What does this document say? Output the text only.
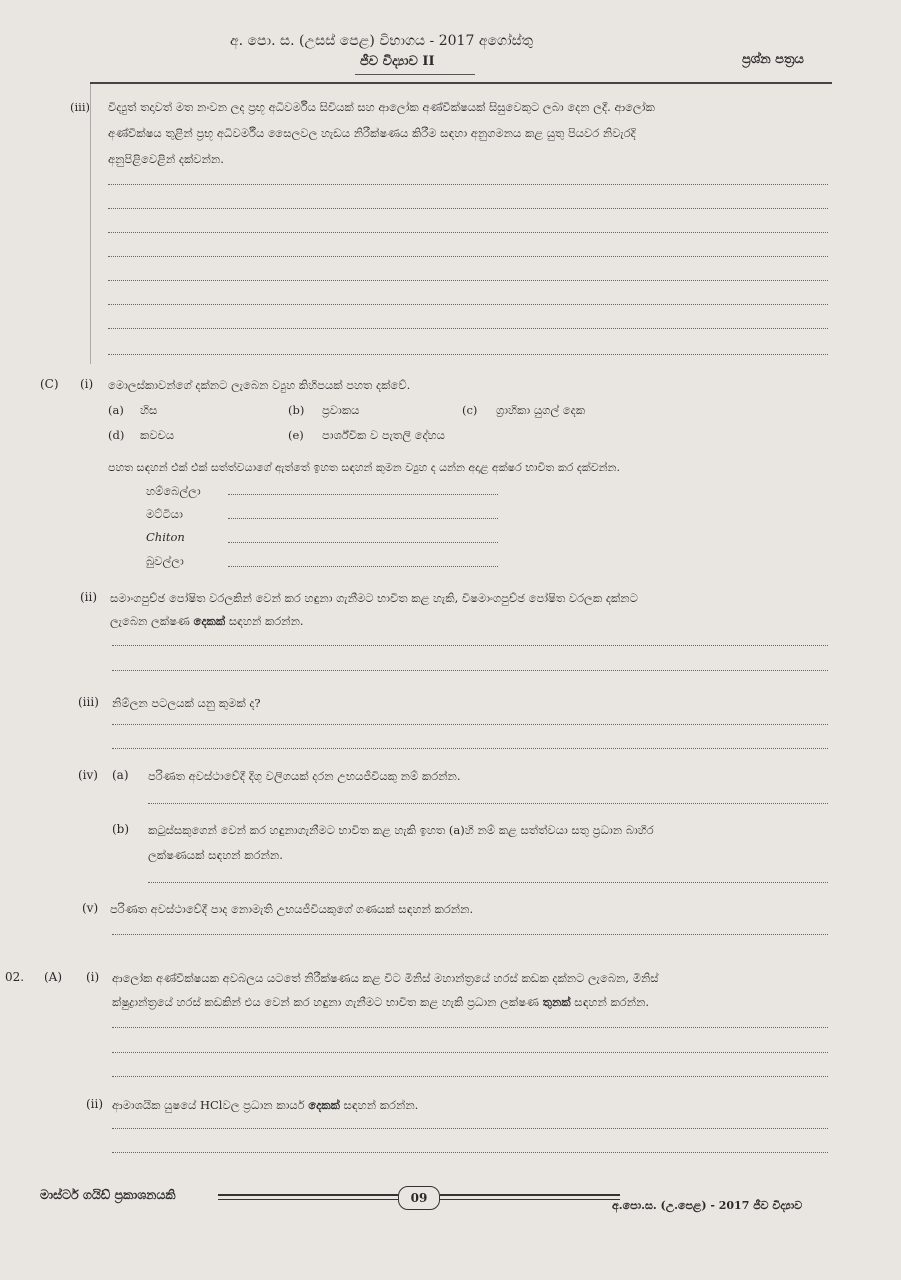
අ. පො. ස. (උසස් පෙළ) විභාගය - 2017 අගෝස්තු
ජීව විද්‍යාව II	ප්‍රශ්න පත්‍රය
(iii) විද්‍යුත් තදාවත් මත නංවන ලද ප්‍රභූ අධිවර්මීය සිවියක් සහ ආලෝක අණ්වීක්ෂයක් සිසුවෙකුට ලබා දෙන ලදී. ආලෝක
අණ්වීක්ෂය තුළින් ප්‍රභූ අධිවර්මීය සෛලවල හැඩය නිරීක්ෂණය කිරීම සඳහා අනුගමනය කළ යුතු පියවර නිවැරදි
අනුපිළිවෙළින් දක්වන්න.
(C) (i) මොලස්කාවන්ගේ දක්නට ලැබෙන ව්‍යුහ කිහිපයක් පහත දක්වේ.
(a) හිස	(b) ප්‍රවාකය	(c) ග්‍රාහිකා යුගල් දෙක
(d) කවචය	(e) පාර්ශ්වික ව පැතලි දේහය
පහත සඳහන් එක් එක් සත්ත්වයාගේ ඇත්තේ ඉහත සඳහන් කුමන ව්‍යුහ ද යන්න අදාළ අක්ෂර භාවිත කර දක්වන්න.
හම්බෙල්ලා
මට්ටියා
Chiton
බුවල්ලා
(ii) සමාංගපුච්ඡ පෝෂිත වරලකින් වෙන් කර හඳුනා ගැනීමට භාවිත කළ හැකි, විෂමාංගපුච්ඡ පෝෂිත වරලක දක්නට
ලැබෙන ලක්ෂණ දෙකක් සඳහන් කරන්න.
(iii) නිම්ලන පටලයක් යනු කුමක් ද?
(iv) (a) පරිණත අවස්ථාවේදී දිගු වලිගයක් දරන උභයජීවියකු නම් කරන්න.
(b) කටුස්සකුගෙන් වෙන් කර හඳුනාගැනීමට භාවිත කළ හැකි ඉහත (a)හි නම් කළ සත්ත්වයා සතු ප්‍රධාන බාහිර
ලක්ෂණයක් සඳහන් කරන්න.
(v) පරිණත අවස්ථාවේදී පාද නොමැති උභයජීවියකුගේ ගණයක් සඳහන් කරන්න.
02. (A) (i) ආලෝක අණ්වීක්ෂයක අවබලය යටතේ නිරීක්ෂණය කළ විට මිනිස් මහාන්ත්‍රයේ හරස් කඩක දක්නට ලැබෙන, මිනිස්
ක්ෂුද්‍රාන්ත්‍රයේ හරස් කඩකින් එය වෙන් කර හඳුනා ගැනීමට භාවිත කළ හැකි ප්‍රධාන ලක්ෂණ තුනක් සඳහන් කරන්න.
(ii) ආමාශයික යුෂයේ HClවල ප්‍රධාන කාර්ය දෙකක් සඳහන් කරන්න.
මාස්ටර් ගයිඩ් ප්‍රකාශනයකි	09
අ.පො.ස. (උ.පෙළ) - 2017 ජීව විද්‍යාව
